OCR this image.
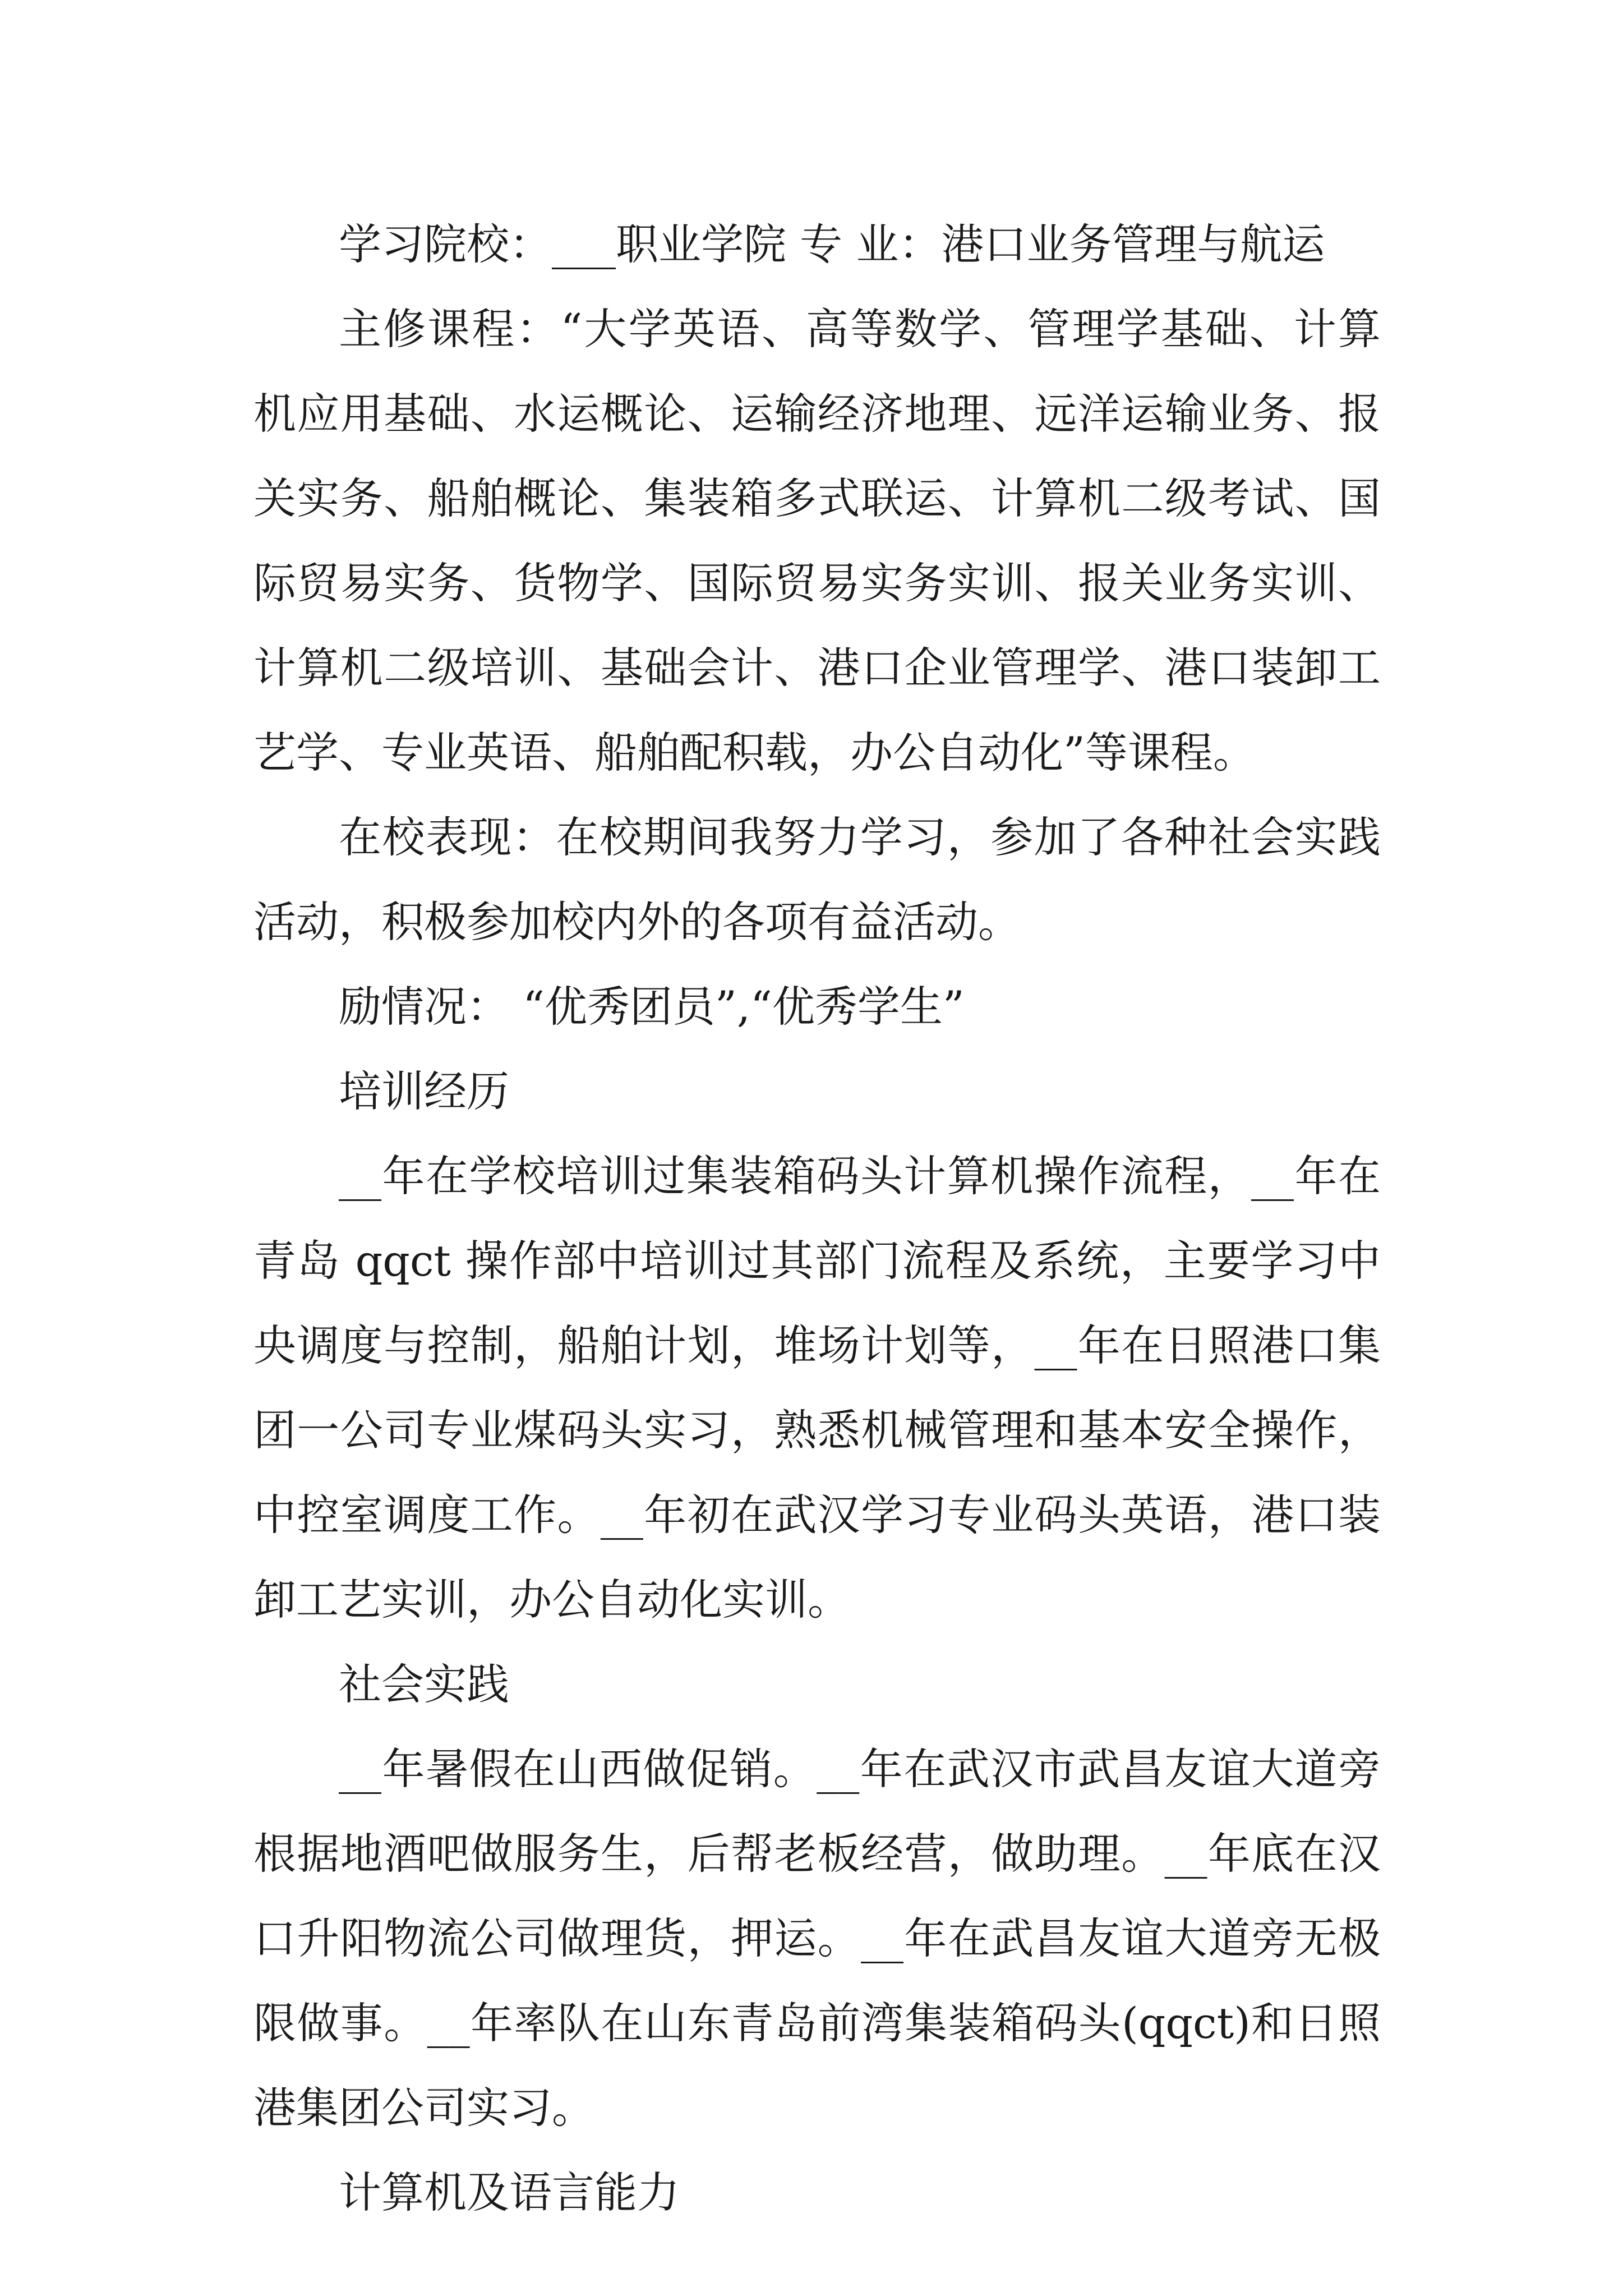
学习院校：___职业学院 专 业：港口业务管理与航运

主修课程：“大学英语、高等数学、管理学基础、计算机应用基础、水运概论、运输经济地理、远洋运输业务、报关实务、船舶概论、集装箱多式联运、计算机二级考试、国际贸易实务、货物学、国际贸易实务实训、报关业务实训、计算机二级培训、基础会计、港口企业管理学、港口装卸工艺学、专业英语、船舶配积载，办公自动化”等课程。

在校表现：在校期间我努力学习，参加了各种社会实践活动，积极参加校内外的各项有益活动。

励情况： “优秀团员”,“优秀学生”

培训经历

__年在学校培训过集装箱码头计算机操作流程，__年在青岛 qqct 操作部中培训过其部门流程及系统，主要学习中央调度与控制，船舶计划，堆场计划等，__年在日照港口集团一公司专业煤码头实习，熟悉机械管理和基本安全操作，中控室调度工作。__年初在武汉学习专业码头英语，港口装卸工艺实训，办公自动化实训。

社会实践

__年暑假在山西做促销。__年在武汉市武昌友谊大道旁根据地酒吧做服务生，后帮老板经营，做助理。__年底在汉口升阳物流公司做理货，押运。__年在武昌友谊大道旁无极限做事。__年率队在山东青岛前湾集装箱码头(qqct)和日照港集团公司实习。

计算机及语言能力
